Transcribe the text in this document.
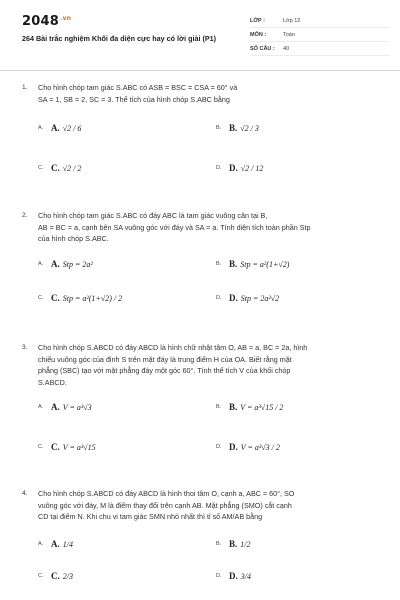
$2048^{.vn}$
264 Bài trắc nghiệm Khối đa diện cực hay có lời giải (P1)
LỚP :	Lớp 12
MÔN :	Toán
SỐ CÂU :	40
1. Cho hình chóp tam giác S.ABC có ASB = BSC = CSA = 60° và
SA = 1, SB = 2, SC = 3. Thể tích của hình chóp S.ABC bằng
A. A. √2 / 6	B. B. √2 / 3
C. C. √2 / 2	D. D. √2 / 12
2. Cho hình chóp tam giác S.ABC có đáy ABC là tam giác vuông cân tại B,
AB = BC = a, cạnh bên SA vuông góc với đáy và SA = a. Tính diện tích toàn phần Stp
của hình chóp S.ABC.
A. A. Stp = 2a²	B. B. Stp = a²(1+√2)
C. C. Stp = a²(1+√2) / 2	D. D. Stp = 2a²√2
3. Cho hình chóp S.ABCD có đáy ABCD là hình chữ nhật tâm O, AB = a, BC = 2a, hình
chiếu vuông góc của đỉnh S trên mặt đáy là trung điểm H của OA. Biết rằng mặt
phẳng (SBC) tạo với mặt phẳng đáy một góc 60°. Tính thể tích V của khối chóp
S.ABCD.
A. A. V = a³√3	B. B. V = a³√15 / 2
C. C. V = a³√15	D. D. V = a³√3 / 2
4. Cho hình chóp S.ABCD có đáy ABCD là hình thoi tâm O, cạnh a, ABC = 60°, SO
vuông góc với đáy, M là điểm thay đổi trên cạnh AB. Mặt phẳng (SMO) cắt cạnh
CD tại điểm N. Khi chu vi tam giác SMN nhỏ nhất thì tỉ số AM/AB bằng
A. A. 1/4	B. B. 1/2
C. C. 2/3	D. D. 3/4
